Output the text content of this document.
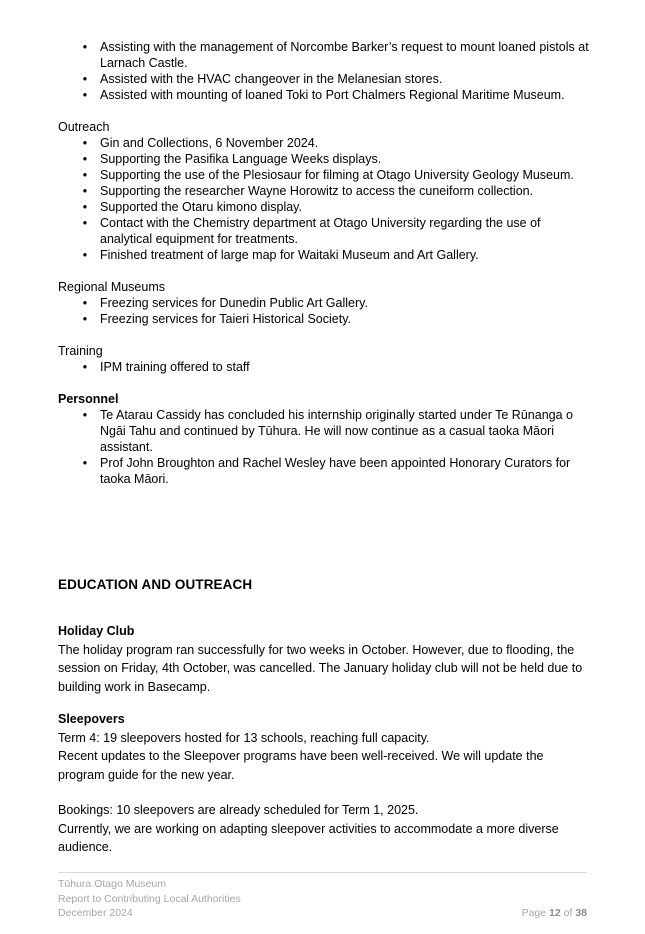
• Assisting with the management of Norcombe Barker’s request to mount loaned pistols at Larnach Castle.
• Assisted with the HVAC changeover in the Melanesian stores.
• Assisted with mounting of loaned Toki to Port Chalmers Regional Maritime Museum.

Outreach

• Gin and Collections, 6 November 2024.
• Supporting the Pasifika Language Weeks displays.
• Supporting the use of the Plesiosaur for filming at Otago University Geology Museum.
• Supporting the researcher Wayne Horowitz to access the cuneiform collection.
• Supported the Otaru kimono display.
• Contact with the Chemistry department at Otago University regarding the use of analytical equipment for treatments.
• Finished treatment of large map for Waitaki Museum and Art Gallery.

Regional Museums

• Freezing services for Dunedin Public Art Gallery.
• Freezing services for Taieri Historical Society.

Training

• IPM training offered to staff

Personnel

• Te Atarau Cassidy has concluded his internship originally started under Te Rūnanga o Ngāi Tahu and continued by Tūhura. He will now continue as a casual taoka Māori assistant.
• Prof John Broughton and Rachel Wesley have been appointed Honorary Curators for taoka Māori.
EDUCATION AND OUTREACH

Holiday Club

The holiday program ran successfully for two weeks in October. However, due to flooding, the session on Friday, 4th October, was cancelled. The January holiday club will not be held due to building work in Basecamp.

Sleepovers

Term 4: 19 sleepovers hosted for 13 schools, reaching full capacity.

Recent updates to the Sleepover programs have been well-received. We will update the program guide for the new year.

Bookings: 10 sleepovers are already scheduled for Term 1, 2025.

Currently, we are working on adapting sleepover activities to accommodate a more diverse audience.

Tūhura Otago Museum
Report to Contributing Local Authorities
December 2024	Page 12 of 38
